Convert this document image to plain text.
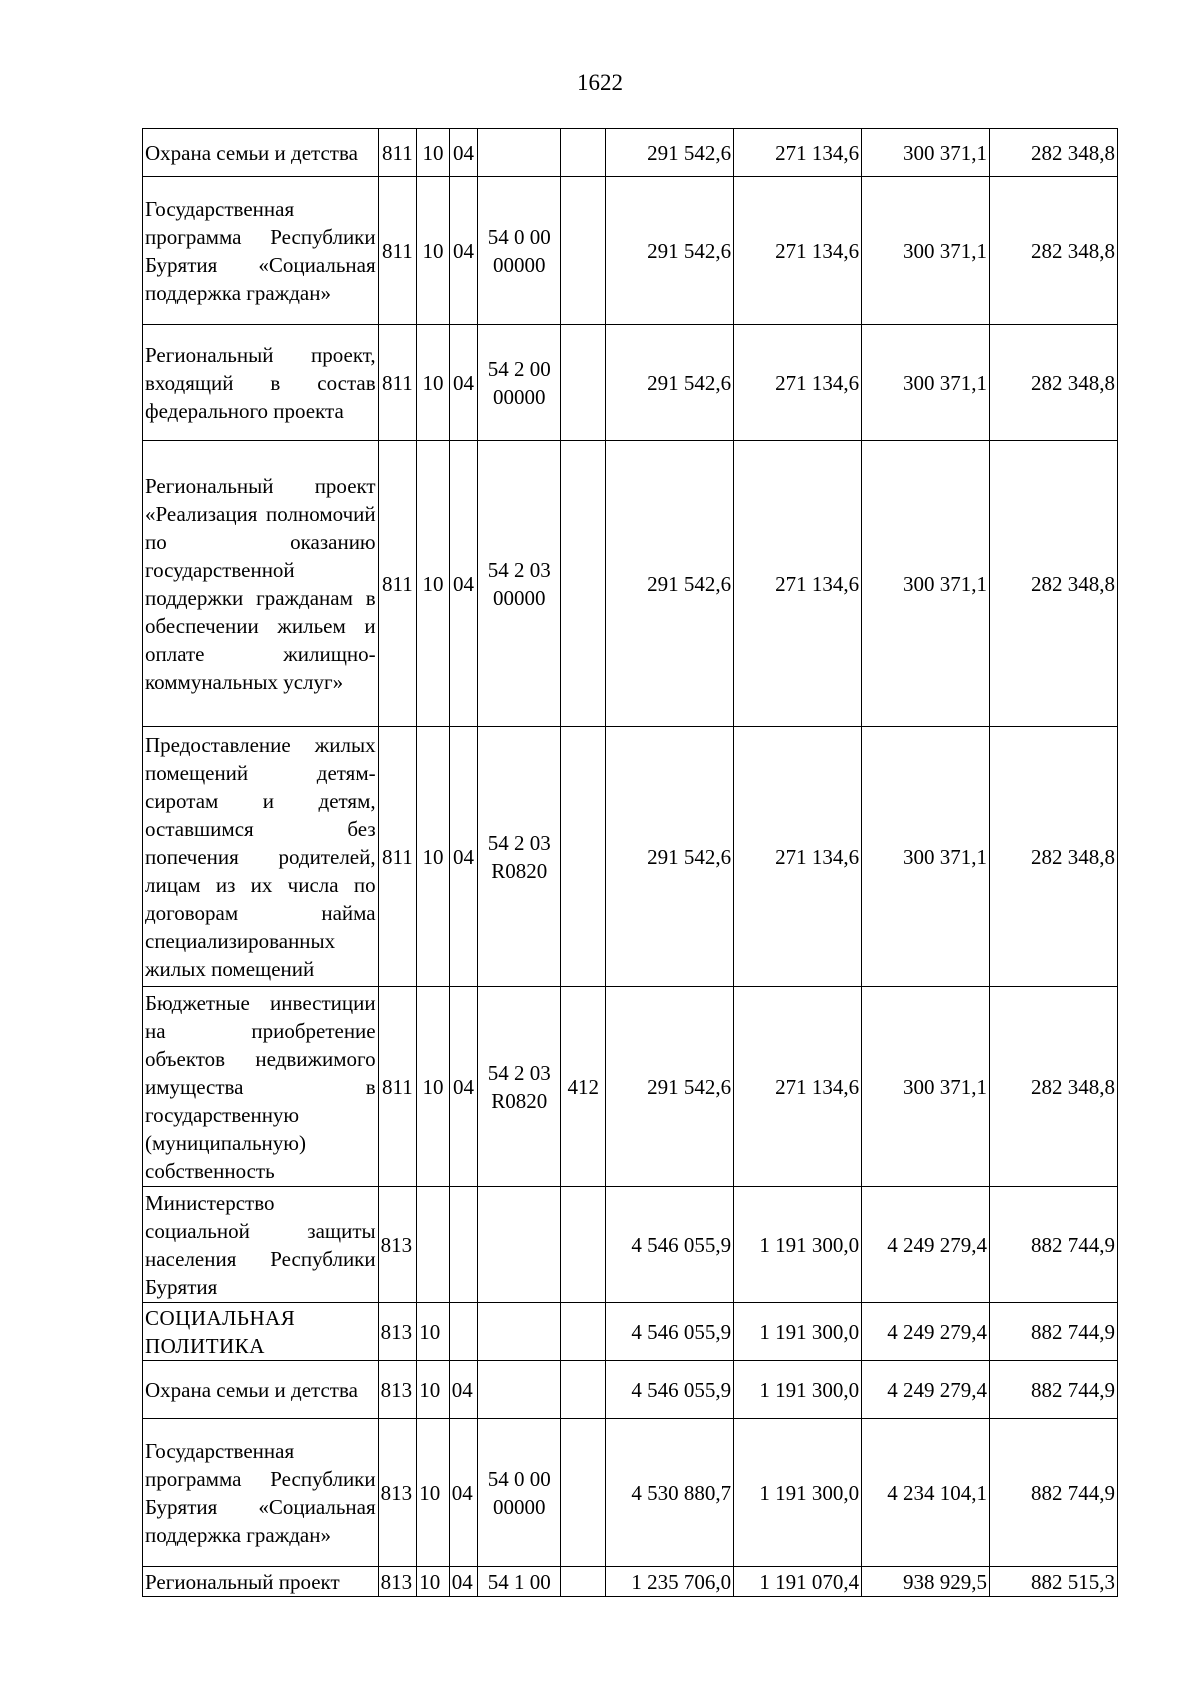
1622
Охрана семьи и детства	811	10	04			291 542,6	271 134,6	300 371,1	282 348,8
Государственная программа Республики Бурятия «Социальная поддержка граждан»	811	10	04	54 0 00 00000		291 542,6	271 134,6	300 371,1	282 348,8
Региональный проект, входящий в состав федерального проекта	811	10	04	54 2 00 00000		291 542,6	271 134,6	300 371,1	282 348,8
Региональный проект «Реализация полномочий по оказанию государственной поддержки гражданам в обеспечении жильем и оплате жилищно-коммунальных услуг»	811	10	04	54 2 03 00000		291 542,6	271 134,6	300 371,1	282 348,8
Предоставление жилых помещений детям-сиротам и детям, оставшимся без попечения родителей, лицам из их числа по договорам найма специализированных жилых помещений	811	10	04	54 2 03 R0820		291 542,6	271 134,6	300 371,1	282 348,8
Бюджетные инвестиции на приобретение объектов недвижимого имущества в государственную (муниципальную) собственность	811	10	04	54 2 03 R0820	412	291 542,6	271 134,6	300 371,1	282 348,8
Министерство социальной защиты населения Республики Бурятия	813					4 546 055,9	1 191 300,0	4 249 279,4	882 744,9
СОЦИАЛЬНАЯ ПОЛИТИКА	813	10				4 546 055,9	1 191 300,0	4 249 279,4	882 744,9
Охрана семьи и детства	813	10	04			4 546 055,9	1 191 300,0	4 249 279,4	882 744,9
Государственная программа Республики Бурятия «Социальная поддержка граждан»	813	10	04	54 0 00 00000		4 530 880,7	1 191 300,0	4 234 104,1	882 744,9
Региональный проект	813	10	04	54 1 00		1 235 706,0	1 191 070,4	938 929,5	882 515,3
